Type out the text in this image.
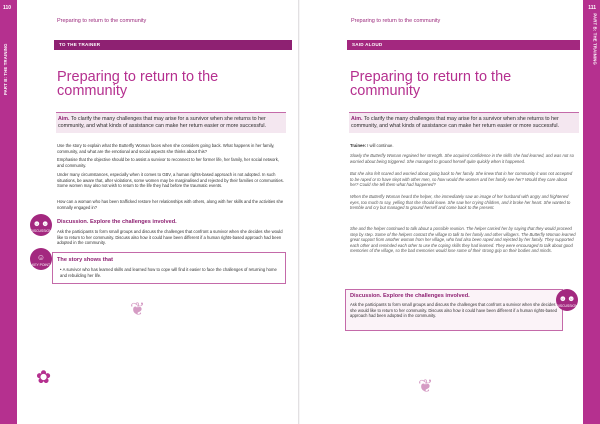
110
PART B: THE TRAINING
Preparing to return to the community
TO THE TRAINER
Preparing to return to the community
Aim. To clarify the many challenges that may arise for a survivor when she returns to her community, and what kinds of assistance can make her return easier or more successful.
Use the story to explain what the Butterfly Woman faces when she considers going back. What happens in her family, community, and what are the emotional and social aspects she thinks about this?
Emphasise that the objective should be to assist a survivor to reconnect to her former life, her family, her social network, and community.
Under many circumstances, especially when it comes to GBV, a human rights-based approach is not adopted. In such situations, be aware that, after violations, some women may be marginalised and rejected by their families or communities. Some women may also not wish to return to the life they had before the traumatic events.
How can a woman who has been trafficked restore her relationships with others, along with her skills and the activities she normally engaged in?
☻☻
DISCUSSION
Discussion. Explore the challenges involved.
Ask the participants to form small groups and discuss the challenges that confront a survivor when she decides she would like to return to her community. Discuss also how it could have been different if a human rights-based approach had been adopted in the community.
☺
KEY POINT
The story shows that
• A survivor who has learned skills and learned how to cope will find it easier to face the challenges of returning home and rebuilding her life.
❦
✿
111
PART B: THE TRAINING
Preparing to return to the community
SAID ALOUD
Preparing to return to the community
Aim. To clarify the many challenges that may arise for a survivor when she returns to her community, and what kinds of assistance can make her return easier or more successful.
Trainee: I will continue.
Slowly the Butterfly Woman regained her strength. She acquired confidence in the skills she had learned, and was not so worried about being triggered. She managed to ground herself quite quickly when it happened.
But she also felt scared and worried about going back to her family. She knew that in her community it was not accepted to be raped or to have slept with other men, so how would the women and her family see her? Would they care about her? Could she tell them what had happened?
When the Butterfly Woman heard the helper, she immediately saw an image of her husband with angry and frightened eyes, too much to say, yelling that she should leave. She saw her crying children, and it broke her heart. She wanted to tremble and cry but managed to ground herself and come back to the present.
She and the helper continued to talk about a possible reunion. The helper carried her by saying that they would proceed step by step. Some of the helpers contact the village to talk to her family and other villagers. The Butterfly Woman learned great support from another woman from her village, who had also been raped and rejected by her family. They supported each other and reminded each other to use the coping skills they had learned. They were encouraged to talk about good memories of the village, so the bad memories would lose some of their strong grip on their bodies and minds.
Discussion. Explore the challenges involved.
Ask the participants to form small groups and discuss the challenges that confront a survivor when she decides she would like to return to her community. Discuss also how it could have been different if a human rights-based approach had been adopted in the community.
☻☻
DISCUSSION
❦
